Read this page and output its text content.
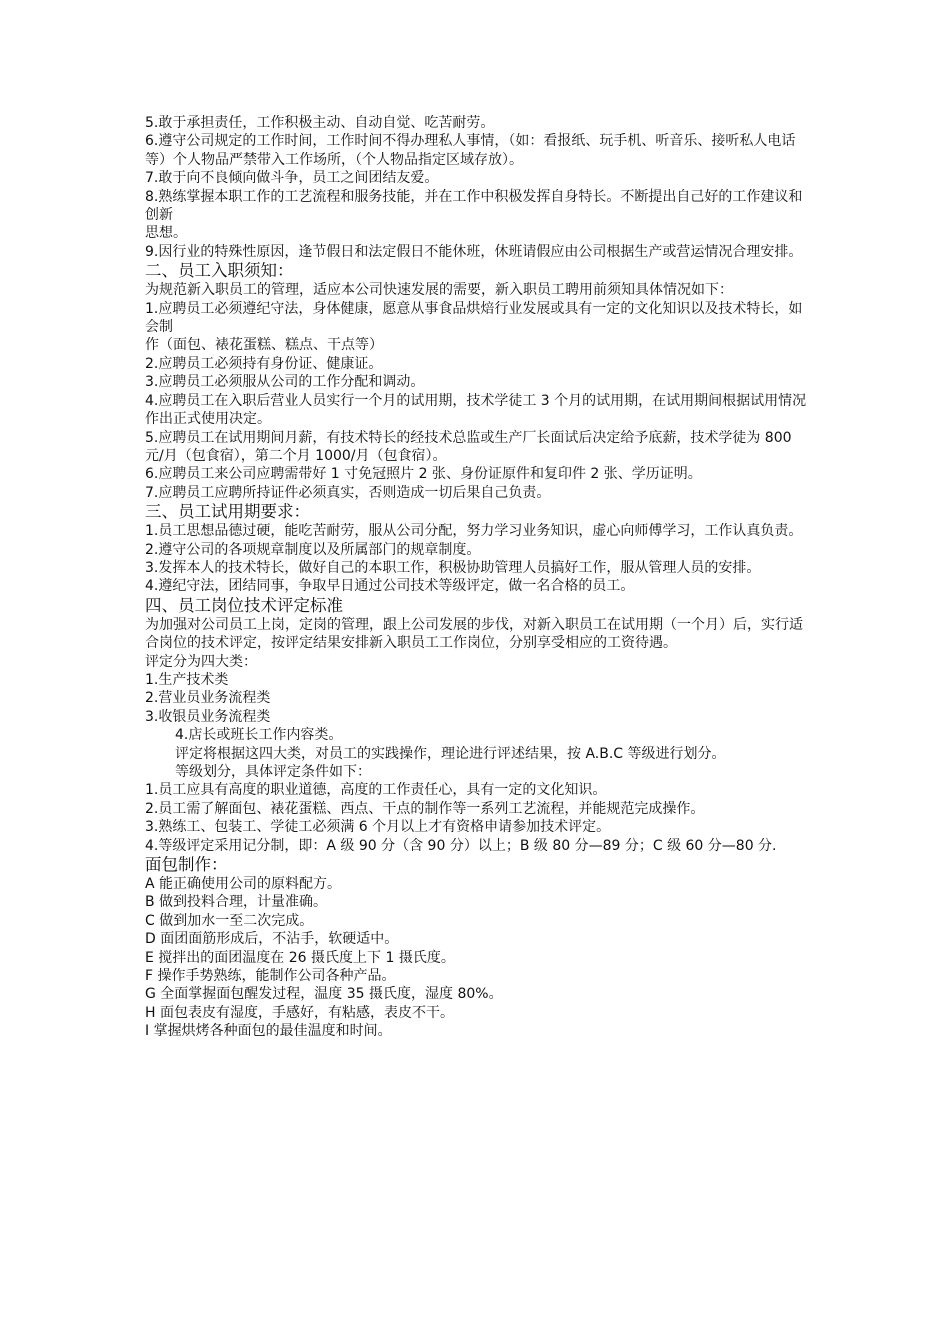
5.敢于承担责任，工作积极主动、自动自觉、吃苦耐劳。

6.遵守公司规定的工作时间，工作时间不得办理私人事情，（如：看报纸、玩手机、听音乐、接听私人电话等）个人物品严禁带入工作场所，（个人物品指定区域存放）。

7.敢于向不良倾向做斗争，员工之间团结友爱。

8.熟练掌握本职工作的工艺流程和服务技能，并在工作中积极发挥自身特长。不断提出自己好的工作建议和创新

思想。

9.因行业的特殊性原因，逢节假日和法定假日不能休班，休班请假应由公司根据生产或营运情况合理安排。

二、员工入职须知：

为规范新入职员工的管理，适应本公司快速发展的需要，新入职员工聘用前须知具体情况如下：

1.应聘员工必须遵纪守法，身体健康，愿意从事食品烘焙行业发展或具有一定的文化知识以及技术特长，如会制

作（面包、裱花蛋糕、糕点、干点等）

2.应聘员工必须持有身份证、健康证。

3.应聘员工必须服从公司的工作分配和调动。

4.应聘员工在入职后营业人员实行一个月的试用期，技术学徒工 3 个月的试用期，在试用期间根据试用情况作出正式使用决定。

5.应聘员工在试用期间月薪，有技术特长的经技术总监或生产厂长面试后决定给予底薪，技术学徒为 800 元/月（包食宿），第二个月 1000/月（包食宿）。

6.应聘员工来公司应聘需带好 1 寸免冠照片 2 张、身份证原件和复印件 2 张、学历证明。

7.应聘员工应聘所持证件必须真实，否则造成一切后果自己负责。

三、员工试用期要求：

1.员工思想品德过硬，能吃苦耐劳，服从公司分配，努力学习业务知识，虚心向师傅学习，工作认真负责。

2.遵守公司的各项规章制度以及所属部门的规章制度。

3.发挥本人的技术特长，做好自己的本职工作，积极协助管理人员搞好工作，服从管理人员的安排。

4.遵纪守法，团结同事，争取早日通过公司技术等级评定，做一名合格的员工。

四、员工岗位技术评定标准

为加强对公司员工上岗，定岗的管理，跟上公司发展的步伐，对新入职员工在试用期（一个月）后，实行适合岗位的技术评定，按评定结果安排新入职员工工作岗位，分别享受相应的工资待遇。

评定分为四大类：

1.生产技术类

2.营业员业务流程类

3.收银员业务流程类

4.店长或班长工作内容类。

评定将根据这四大类，对员工的实践操作，理论进行评述结果，按 A.B.C 等级进行划分。

等级划分，具体评定条件如下：

1.员工应具有高度的职业道德，高度的工作责任心，具有一定的文化知识。

2.员工需了解面包、裱花蛋糕、西点、干点的制作等一系列工艺流程，并能规范完成操作。

3.熟练工、包装工、学徒工必须满 6 个月以上才有资格申请参加技术评定。

4.等级评定采用记分制，即：A 级 90 分（含 90 分）以上；B 级 80 分—89 分；C 级 60 分—80 分.

面包制作：

A 能正确使用公司的原料配方。

B 做到投料合理，计量准确。

C 做到加水一至二次完成。

D 面团面筋形成后，不沾手，软硬适中。

E 搅拌出的面团温度在 26 摄氏度上下 1 摄氏度。

F 操作手势熟练，能制作公司各种产品。

G 全面掌握面包醒发过程，温度 35 摄氏度，湿度 80%。

H 面包表皮有湿度，手感好，有粘感，表皮不干。

I 掌握烘烤各种面包的最佳温度和时间。
